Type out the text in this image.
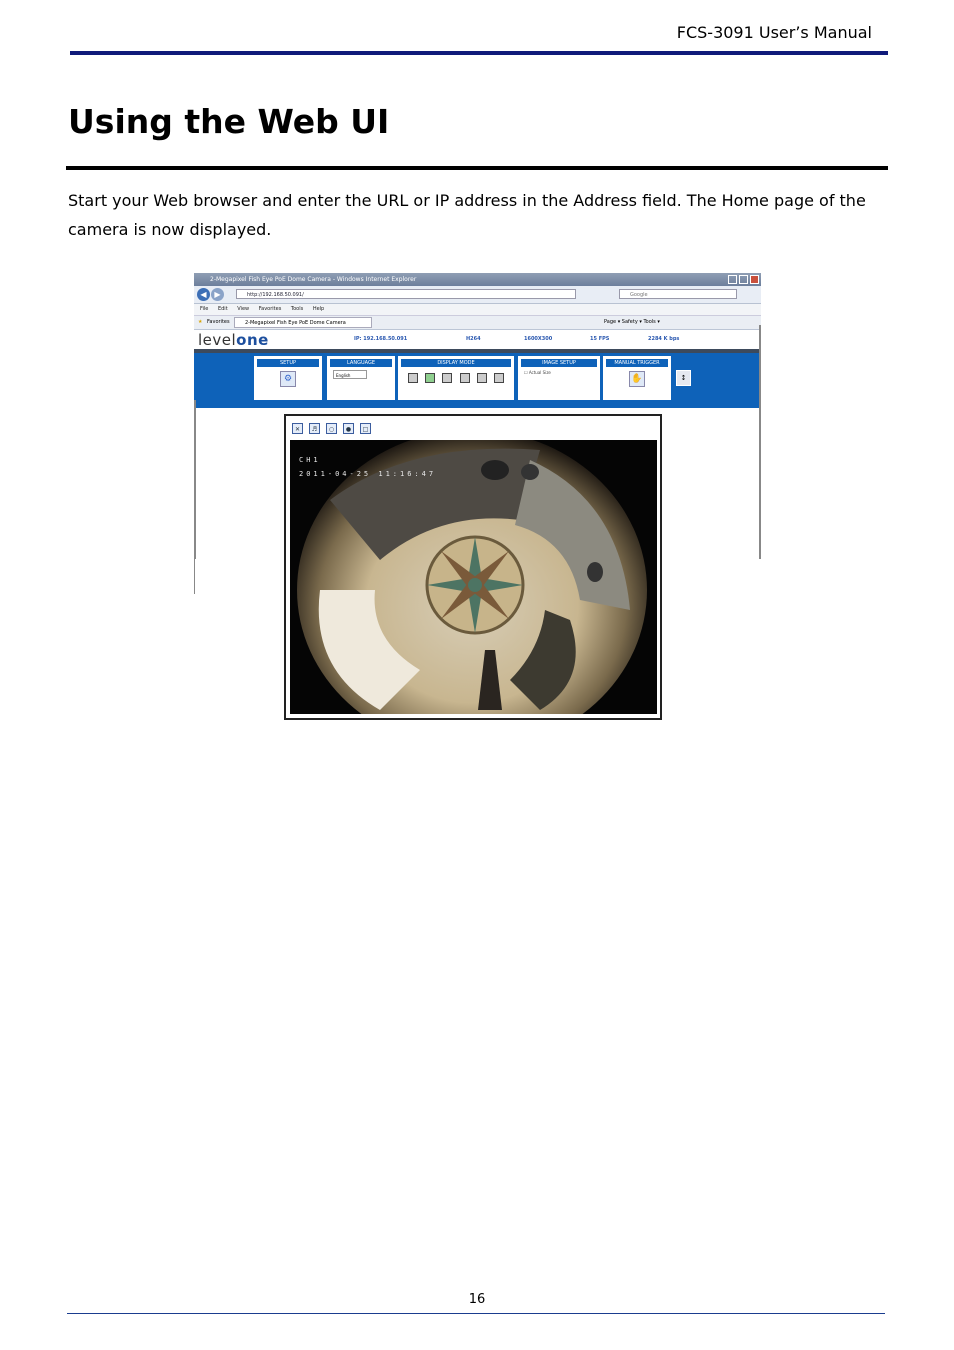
FCS-3091 User’s Manual
Using the Web UI

Start your Web browser and enter the URL or IP address in the Address field. The Home page of the camera is now displayed.

2-Megapixel Fish Eye PoE Dome Camera - Windows Internet Explorer
◀ ▶	http://192.168.50.091/	Google
File Edit View Favorites Tools Help
★ Favorites	2-Megapixel Fish Eye PoE Dome Camera	Page ▾ Safety ▾ Tools ▾
levelone	IP: 192.168.50.091	H264	1600X300	15 FPS	2284 K bps
SETUP
⚙
LANGUAGE
English
DISPLAY MODE	IMAGE SETUP
☐ Actual Size
MANUAL TRIGGER
✋	↕
✕	♬	○	●	□
CH1
2011-04-25 11:16:47
16
